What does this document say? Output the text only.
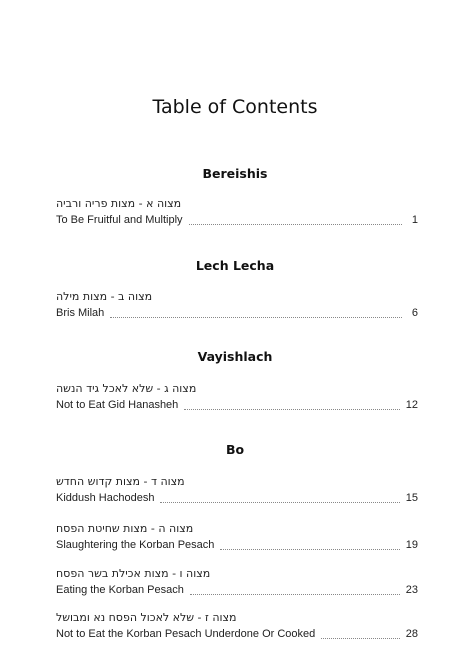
Table of Contents
Bereishis
מצוה א - מצות פריה ורביה
To Be Fruitful and Multiply	1
Lech Lecha
מצוה ב - מצות מילה
Bris Milah	6
Vayishlach
מצוה ג - שלא לאכל גיד הנשה
Not to Eat Gid Hanasheh	12
Bo
מצוה ד - מצות קדוש החדש
Kiddush Hachodesh	15
מצוה ה - מצות שחיטת הפסח
Slaughtering the Korban Pesach	19
מצוה ו - מצות אכילת בשר הפסח
Eating the Korban Pesach	23
מצוה ז - שלא לאכול הפסח נא ומבושל
Not to Eat the Korban Pesach Underdone Or Cooked	28
